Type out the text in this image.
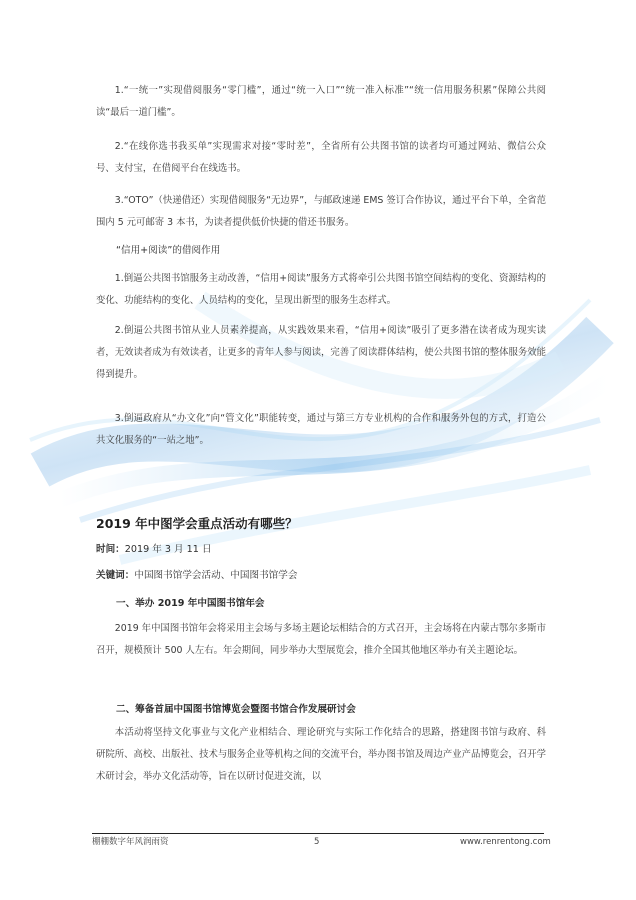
1.“一统一”实现借阅服务“零门槛”，通过“统一入口”“统一准入标准”“统一信用服务积累”保障公共阅读“最后一道门槛”。
2.“在线你选书我买单”实现需求对接“零时差”，全省所有公共图书馆的读者均可通过网站、微信公众号、支付宝，在借阅平台在线选书。
3.“OTO”（快递借还）实现借阅服务“无边界”，与邮政速递 EMS 签订合作协议，通过平台下单，全省范围内 5 元可邮寄 3 本书，为读者提供低价快捷的借还书服务。
“信用+阅读”的借阅作用
1.倒逼公共图书馆服务主动改善，“信用+阅读”服务方式将牵引公共图书馆空间结构的变化、资源结构的变化、功能结构的变化、人员结构的变化，呈现出新型的服务生态样式。
2.倒逼公共图书馆从业人员素养提高，从实践效果来看，“信用+阅读”吸引了更多潜在读者成为现实读者，无效读者成为有效读者，让更多的青年人参与阅读，完善了阅读群体结构，使公共图书馆的整体服务效能得到提升。
3.倒逼政府从“办文化”向“管文化”职能转变，通过与第三方专业机构的合作和服务外包的方式，打造公共文化服务的“一站之地”。
2019 年中图学会重点活动有哪些？
时间：2019 年 3 月 11 日
关键词：中国图书馆学会活动、中国图书馆学会
一、举办 2019 年中国图书馆年会
2019 年中国图书馆年会将采用主会场与多场主题论坛相结合的方式召开，主会场将在内蒙古鄂尔多斯市召开，规模预计 500 人左右。年会期间，同步举办大型展览会，推介全国其他地区举办有关主题论坛。
二、筹备首届中国图书馆博览会暨图书馆合作发展研讨会
本活动将坚持文化事业与文化产业相结合、理论研究与实际工作化结合的思路，搭建图书馆与政府、科研院所、高校、出版社、技术与服务企业等机构之间的交流平台，举办图书馆及周边产业产品博览会，召开学术研讨会，举办文化活动等，旨在以研讨促进交流，以
棚棚数字年风润雨资	5	www.renrentong.com
